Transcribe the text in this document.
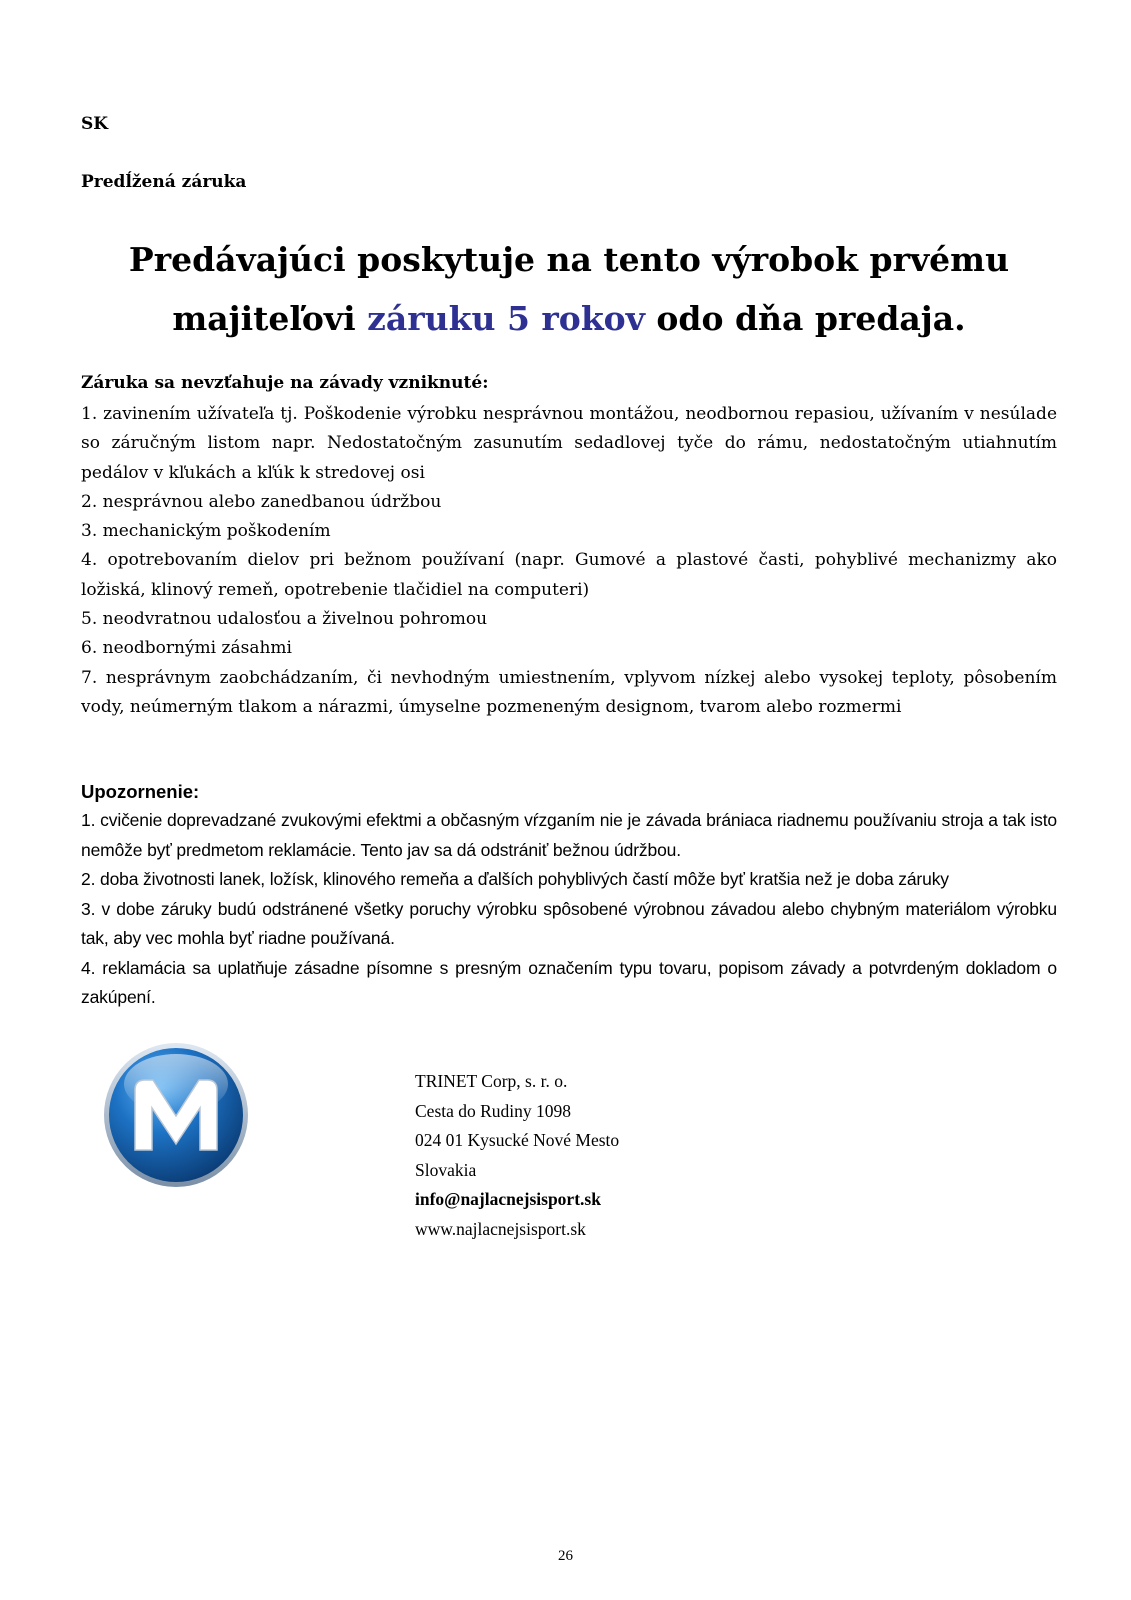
SK
Predĺžená záruka
Predávajúci poskytuje na tento výrobok prvému
majiteľovi záruku 5 rokov odo dňa predaja.
Záruka sa nevzťahuje na závady vzniknuté:
1. zavinením užívateľa tj. Poškodenie výrobku nesprávnou montážou, neodbornou repasiou, užívaním v nesúlade so záručným listom napr. Nedostatočným zasunutím sedadlovej tyče do rámu, nedostatočným utiahnutím pedálov v kľukách a kľúk k stredovej osi
2. nesprávnou alebo zanedbanou údržbou
3. mechanickým poškodením
4. opotrebovaním dielov pri bežnom používaní (napr. Gumové a plastové časti, pohyblivé mechanizmy ako ložiská, klinový remeň, opotrebenie tlačidiel na computeri)
5. neodvratnou udalosťou a živelnou pohromou
6. neodbornými zásahmi
7. nesprávnym zaobchádzaním, či nevhodným umiestnením, vplyvom nízkej alebo vysokej teploty, pôsobením vody, neúmerným tlakom a nárazmi, úmyselne pozmeneným designom, tvarom alebo rozmermi
Upozornenie:
1. cvičenie doprevadzané zvukovými efektmi a občasným vŕzganím nie je závada brániaca riadnemu používaniu stroja a tak isto nemôže byť predmetom reklamácie. Tento jav sa dá odstrániť bežnou údržbou.
2. doba životnosti lanek, ložísk, klinového remeňa a ďalších pohyblivých častí môže byť kratšia než je doba záruky
3. v dobe záruky budú odstránené všetky poruchy výrobku spôsobené výrobnou závadou alebo chybným materiálom výrobku tak, aby vec mohla byť riadne používaná.
4. reklamácia sa uplatňuje zásadne písomne s presným označením typu tovaru, popisom závady a potvrdeným dokladom o zakúpení.
TRINET Corp, s. r. o.
Cesta do Rudiny 1098
024 01 Kysucké Nové Mesto
Slovakia
info@najlacnejsisport.sk
www.najlacnejsisport.sk
26
